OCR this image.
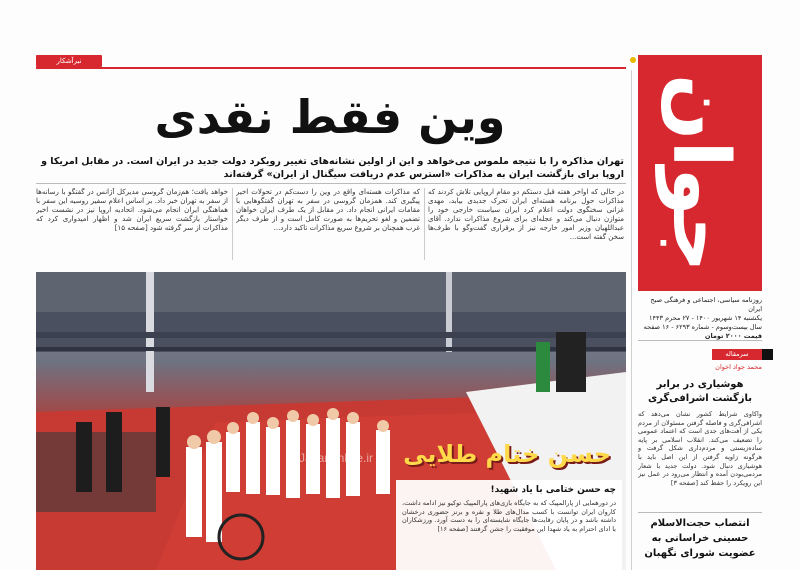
نبرآشکار
وین فقط نقدی
تهران مذاکره را با نتیجه ملموس می‌خواهد و این از اولین نشانه‌های تغییر رویکرد دولت جدید در ایران است. در مقابل امریکا و اروپا برای بازگشت ایران به مذاکرات «استرس عدم دریافت سیگنال از ایران» گرفته‌اند
در حالی که اواخر هفته قبل دستکم دو مقام اروپایی تلاش کردند که مذاکرات حول برنامه هسته‌ای ایران تحرک جدیدی بیابد، مهدی غزانی سخنگوی دولت اعلام کرد ایران سیاست خارجی خود را متوازن دنبال می‌کند و عجله‌ای برای شروع مذاکرات ندارد. آقای عبداللهیان وزیر امور خارجه نیز از برقراری گفت‌وگو با طرف‌ها سخن گفته است...
که مذاکرات هسته‌ای واقع در وین را دست‌کم در تحولات اخیر پیگیری کند. همزمان گروسی در سفر به تهران گفتگوهایی با مقامات ایرانی انجام داد. در مقابل از یک طرف ایران خواهان تضمین و لغو تحریم‌ها به صورت کامل است و از طرف دیگر غرب همچنان بر شروع سریع مذاکرات تاکید دارد...
خواهد یافت؛ هم‌زمان گروسی مدیرکل آژانس در گفتگو با رسانه‌ها از سفر به تهران خبر داد. بر اساس اعلام سفیر روسیه این سفر با هماهنگی ایران انجام می‌شود. اتحادیه اروپا نیز در نشست اخیر خواستار بازگشت سریع ایران شد و اظهار امیدواری کرد که مذاکرات از سر گرفته شود [صفحه ۱۵]
Javanonline.ir	حسن ختام طلایی
چه حسن ختامی با یاد شهید!
در دورهمایی از پارالمپیک که به جایگاه بازی‌های پارالمپیک توکیو نیز ادامه داشت، کاروان ایران توانست با کسب مدال‌های طلا و نقره و برنز حضوری درخشان داشته باشد و در پایان رقابت‌ها جایگاه شایسته‌ای را به دست آورد. ورزشکاران با ادای احترام به یاد شهدا این موفقیت را جشن گرفتند [صفحه ۱۶]
جوان
روزنامه سیاسی، اجتماعی و فرهنگی صبح ایران
یکشنبه ۱۴ شهریور ۱۴۰۰ - ۲۷ محرم ۱۴۴۳
سال بیست‌وسوم - شماره ۶۲۹۳ - ۱۶ صفحه
قیمت ۲۰۰۰ تومان
سرمقاله
محمد جواد اخوان
هوشیاری در برابر بازگشت اشرافی‌گری
واکاوی شرایط کشور نشان می‌دهد که اشرافی‌گری و فاصله گرفتن مسئولان از مردم یکی از آفت‌های جدی است که اعتماد عمومی را تضعیف می‌کند. انقلاب اسلامی بر پایه ساده‌زیستی و مردم‌داری شکل گرفت و هرگونه زاویه گرفتن از این اصل باید با هوشیاری دنبال شود. دولت جدید با شعار مردمی‌بودن آمده و انتظار می‌رود در عمل نیز این رویکرد را حفظ کند [صفحه ۳]
انتصاب حجت‌الاسلام حسینی خراسانی به عضویت شورای نگهبان
